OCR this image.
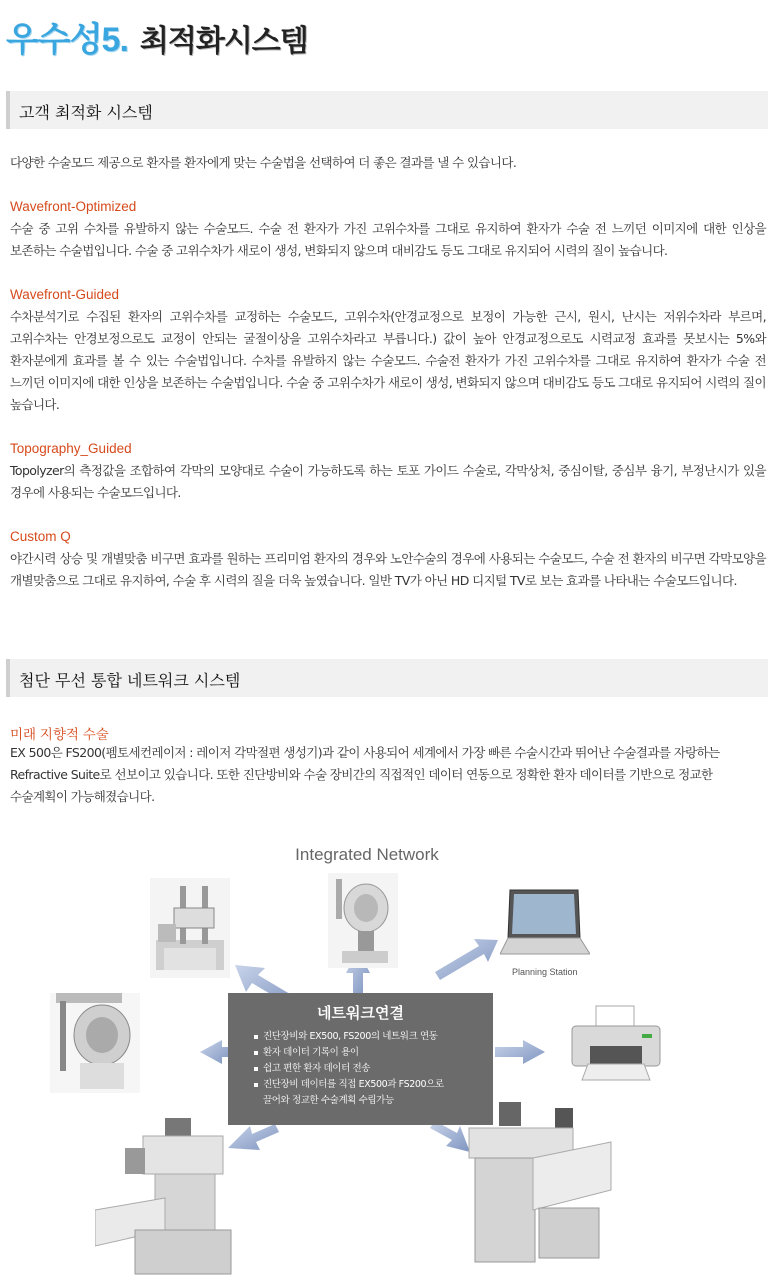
우수성5. 최적화시스템
고객 최적화 시스템
다양한 수술모드 제공으로 환자를 환자에게 맞는 수술법을 선택하여 더 좋은 결과를 낼 수 있습니다.
Wavefront-Optimized
수술 중 고위 수차를 유발하지 않는 수술모드. 수술 전 환자가 가진 고위수차를 그대로 유지하여 환자가 수술 전 느끼던 이미지에 대한 인상을 보존하는 수술법입니다. 수술 중 고위수차가 새로이 생성, 변화되지 않으며 대비감도 등도 그대로 유지되어 시력의 질이 높습니다.
Wavefront-Guided
수차분석기로 수집된 환자의 고위수차를 교정하는 수술모드, 고위수차(안경교정으로 보정이 가능한 근시, 원시, 난시는 저위수차라 부르며, 고위수차는 안경보정으로도 교정이 안되는 굴절이상을 고위수차라고 부릅니다.) 값이 높아 안경교정으로도 시력교정 효과를 못보시는 5%와 환자분에게 효과를 볼 수 있는 수술법입니다. 수차를 유발하지 않는 수술모드. 수술전 환자가 가진 고위수차를 그대로 유지하여 환자가 수술 전 느끼던 이미지에 대한 인상을 보존하는 수술법입니다. 수술 중 고위수차가 새로이 생성, 변화되지 않으며 대비감도 등도 그대로 유지되어 시력의 질이 높습니다.
Topography_Guided
Topolyzer의 측정값을 조합하여 각막의 모양대로 수술이 가능하도록 하는 토포 가이드 수술로, 각막상처, 중심이탈, 중심부 융기, 부정난시가 있을 경우에 사용되는 수술모드입니다.
Custom Q
야간시력 상승 및 개별맞춤 비구면 효과를 원하는 프리미엄 환자의 경우와 노안수술의 경우에 사용되는 수술모드, 수술 전 환자의 비구면 각막모양을 개별맞춤으로 그대로 유지하여, 수술 후 시력의 질을 더욱 높였습니다. 일반 TV가 아닌 HD 디지털 TV로 보는 효과를 나타내는 수술모드입니다.
첨단 무선 통합 네트워크 시스템
미래 지향적 수술
EX 500은 FS200(펨토세컨레이저 : 레이저 각막절편 생성기)과 같이 사용되어 세계에서 가장 빠른 수술시간과 뛰어난 수술결과를 자랑하는 Refractive Suite로 선보이고 있습니다. 또한 진단방비와 수술 장비간의 직접적인 데이터 연동으로 정확한 환자 데이터를 기반으로 정교한 수술계획이 가능해졌습니다.
Integrated Network
Planning Station
네트워크연결
진단장비와 EX500, FS200의 네트워크 연동
환자 데이터 기록이 용이
쉽고 편한 환자 데이터 전송
진단장비 데이터를 직접 EX500과 FS200으로
끌어와 정교한 수술계획 수립가능
